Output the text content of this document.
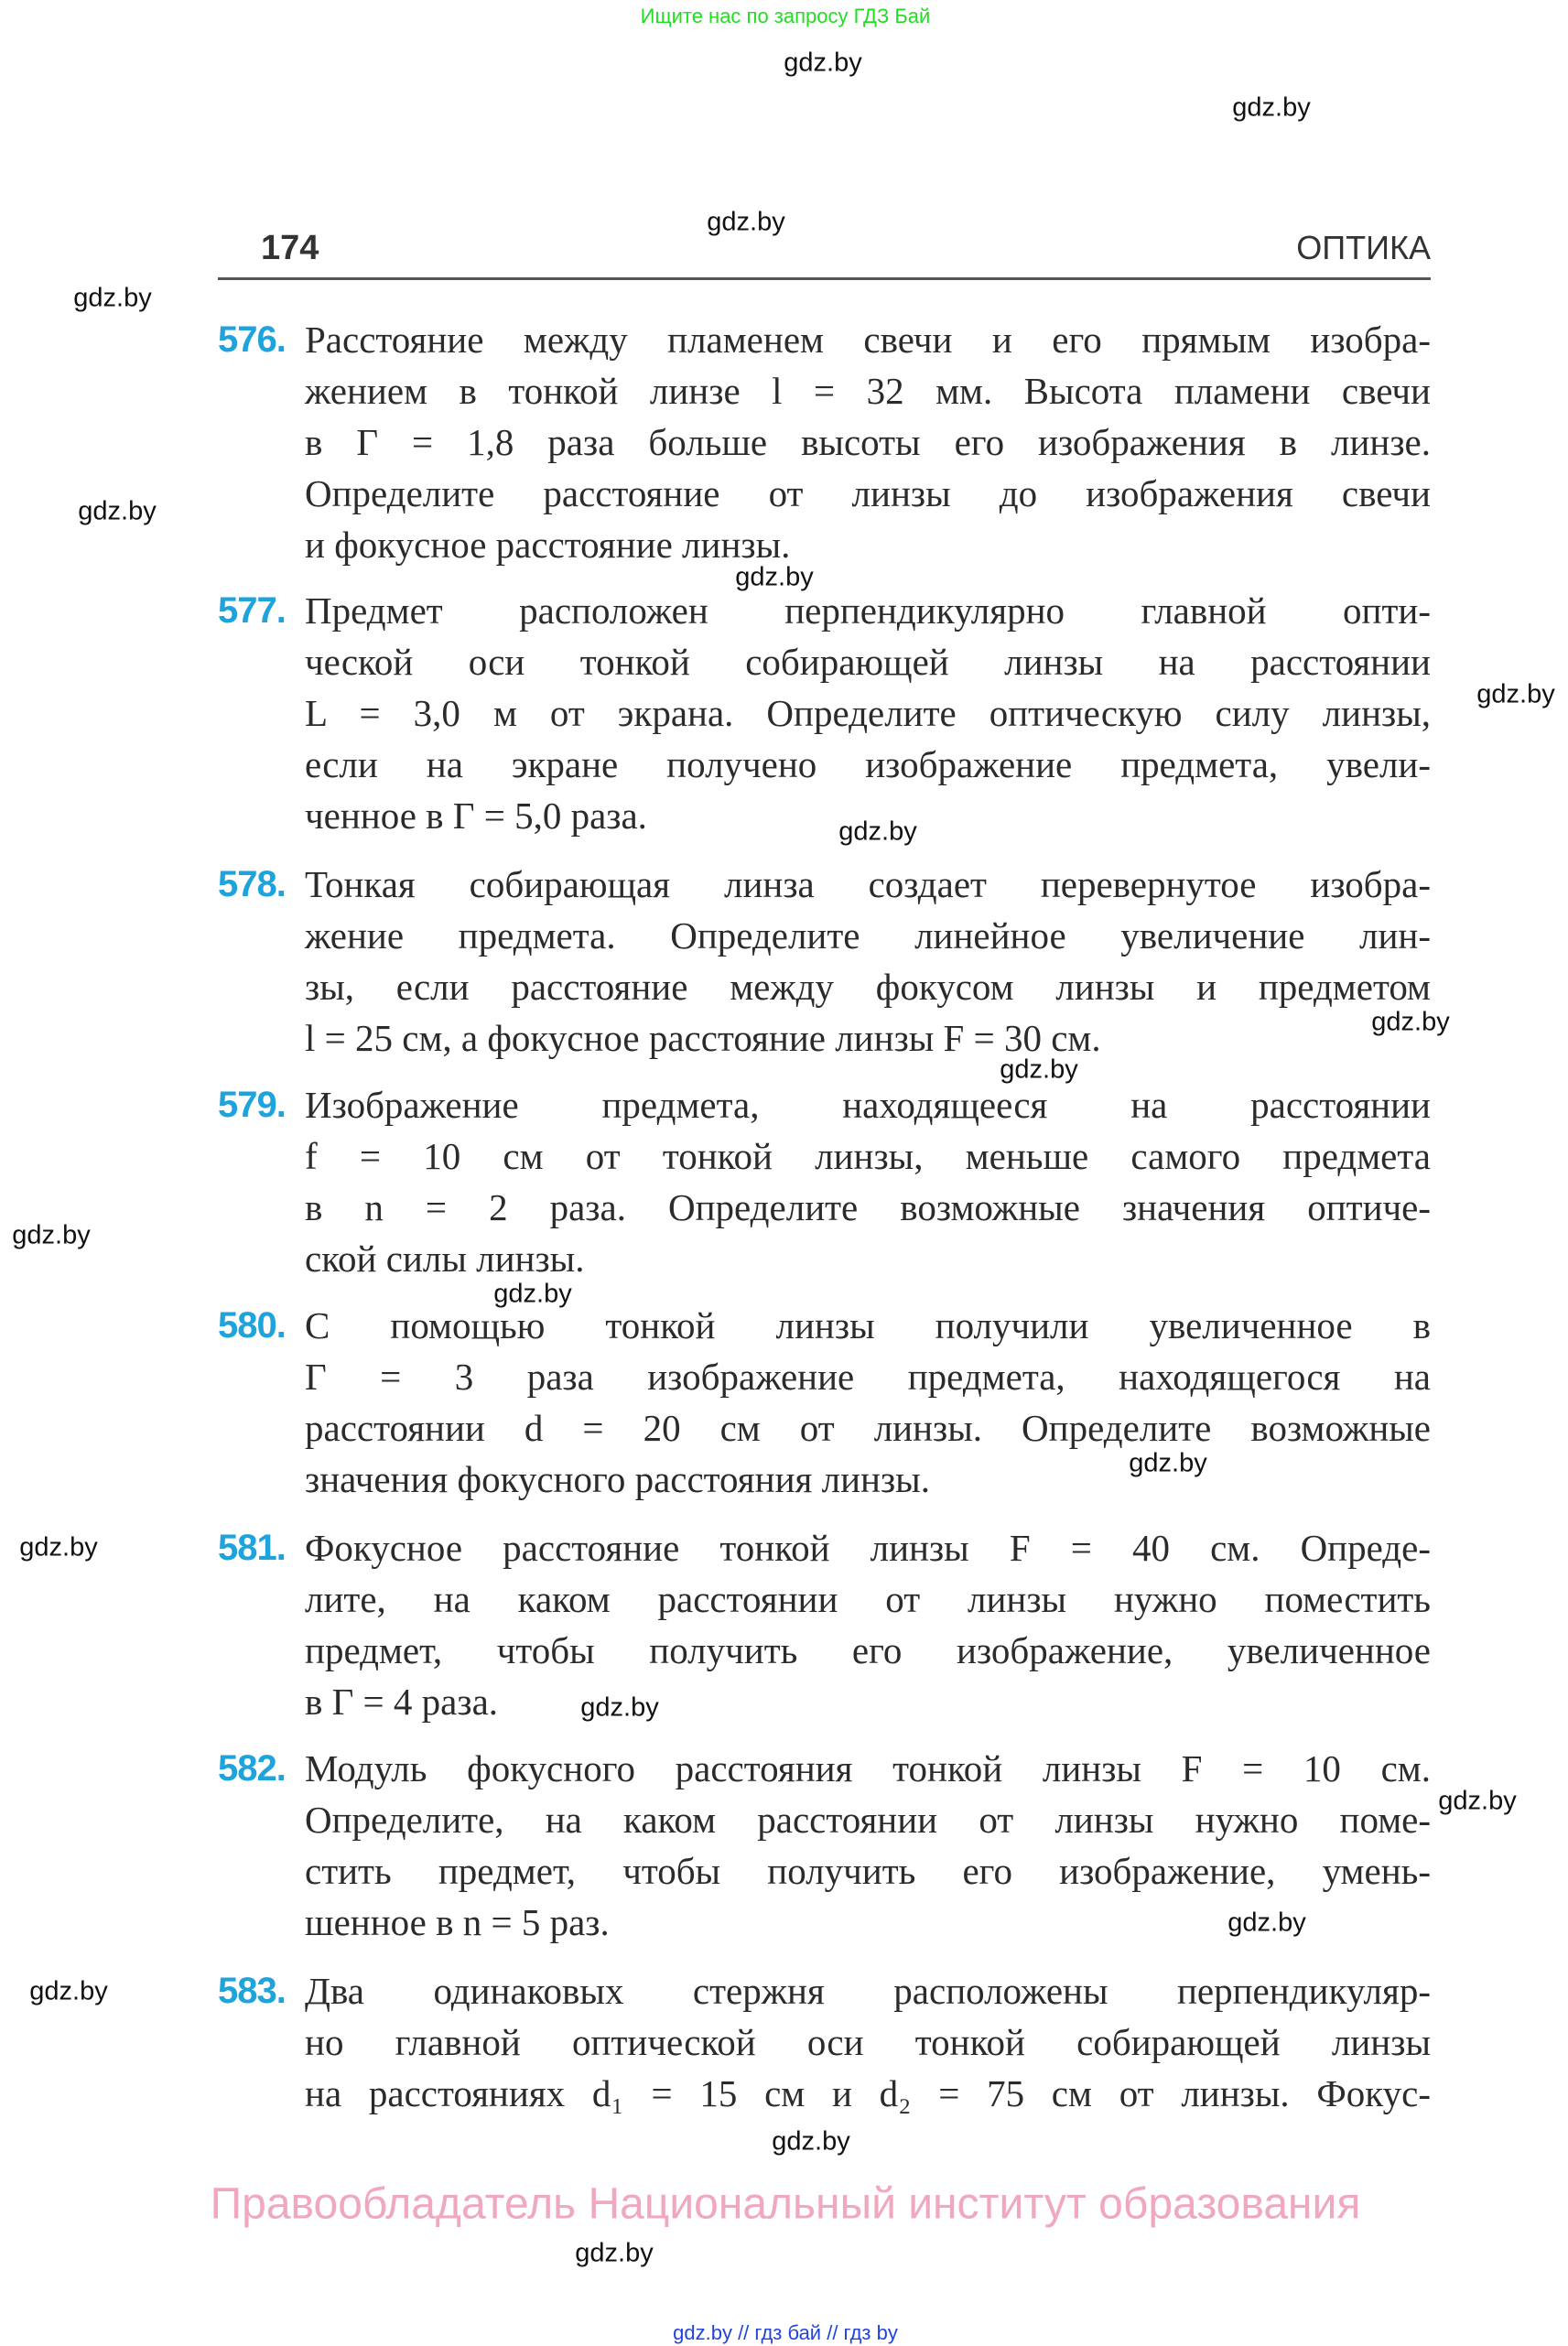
Ищите нас по запросу ГДЗ Бай
174	ОПТИКА
576. Расстояние между пламенем свечи и его прямым изобра-
жением в тонкой линзе l = 32 мм. Высота пламени свечи
в Г = 1,8 раза больше высоты его изображения в линзе.
Определите расстояние от линзы до изображения свечи
и фокусное расстояние линзы.
577. Предмет расположен перпендикулярно главной опти-
ческой оси тонкой собирающей линзы на расстоянии
L = 3,0 м от экрана. Определите оптическую силу линзы,
если на экране получено изображение предмета, увели-
ченное в Г = 5,0 раза.
578. Тонкая собирающая линза создает перевернутое изобра-
жение предмета. Определите линейное увеличение лин-
зы, если расстояние между фокусом линзы и предметом
l = 25 см, а фокусное расстояние линзы F = 30 см.
579. Изображение предмета, находящееся на расстоянии
f = 10 см от тонкой линзы, меньше самого предмета
в n = 2 раза. Определите возможные значения оптиче-
ской силы линзы.
580. С помощью тонкой линзы получили увеличенное в
Г = 3 раза изображение предмета, находящегося на
расстоянии d = 20 см от линзы. Определите возможные
значения фокусного расстояния линзы.
581. Фокусное расстояние тонкой линзы F = 40 см. Опреде-
лите, на каком расстоянии от линзы нужно поместить
предмет, чтобы получить его изображение, увеличенное
в Г = 4 раза.
582. Модуль фокусного расстояния тонкой линзы F = 10 см.
Определите, на каком расстоянии от линзы нужно поме-
стить предмет, чтобы получить его изображение, умень-
шенное в n = 5 раз.
583. Два одинаковых стержня расположены перпендикуляр-
но главной оптической оси тонкой собирающей линзы
на расстояниях d₁ = 15 см и d₂ = 75 см от линзы. Фокус-
gdz.by
gdz.by
gdz.by
gdz.by
gdz.by
gdz.by
gdz.by
gdz.by
gdz.by
gdz.by
gdz.by
gdz.by
gdz.by
gdz.by
gdz.by
gdz.by
gdz.by
gdz.by
gdz.by
gdz.by
Правообладатель Национальный институт образования
gdz.by // гдз бай // гдз by
